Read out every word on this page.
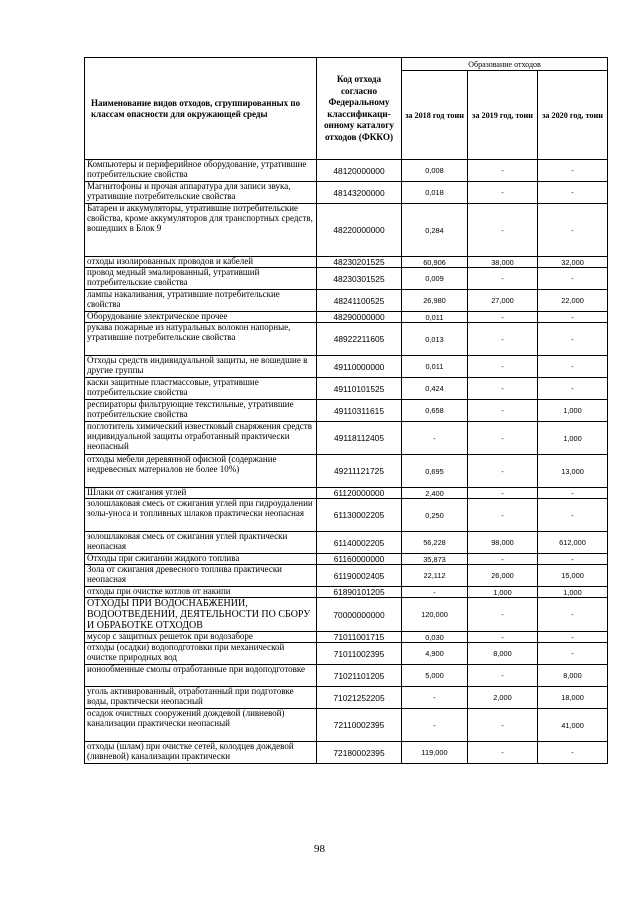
Наименование видов отходов, сгруппированных по классам опасности для окружающей среды	Код отхода согласно Федеральному классификаци-онному каталогу отходов (ФККО)	Образование отходов		
		за 2018 год тонн	за 2019 год, тонн	за 2020 год, тонн
Компьютеры и периферийное оборудование, утратившие потребительские свойства	48120000000	0,008	-	-
Магнитофоны и прочая аппаратура для записи звука, утратившие потребительские свойства	48143200000	0,018	-	-
Батареи и аккумуляторы, утратившие потребительские свойства, кроме аккумуляторов для транспортных средств, вошедших в Блок 9	48220000000	0,284	-	-
отходы изолированных проводов и кабелей	48230201525	60,906	38,000	32,000
провод медный эмалированный, утративший потребительские свойства	48230301525	0,009	-	-
лампы накаливания, утратившие потребительские свойства	48241100525	26,980	27,000	22,000
Оборудование электрическое прочее	48290000000	0,011	-	-
рукава пожарные из натуральных волокон напорные, утратившие потребительские свойства	48922211605	0,013	-	-
Отходы средств индивидуальной защиты, не вошедшие в другие группы	49110000000	0,011	-	-
каски защитные пластмассовые, утратившие потребительские свойства	49110101525	0,424	-	-
респираторы фильтрующие текстильные, утратившие потребительские свойства	49110311615	0,658	-	1,000
поглотитель химический известковый снаряжения средств индивидуальной защиты отработанный практически неопасный	49118112405	-	-	1,000
отходы мебели деревянной офисной (содержание недревесных материалов не более 10%)	49211121725	0,695	-	13,000
Шлаки от сжигания углей	61120000000	2,400	-	-
золошлаковая смесь от сжигания углей при гидроудалении золы-уноса и топливных шлаков практически неопасная	61130002205	0,250	-	-
золошлаковая смесь от сжигания углей практически неопасная	61140002205	56,228	98,000	612,000
Отходы при сжигании жидкого топлива	61160000000	35,873	-	-
Зола от сжигания древесного топлива практически неопасная	61190002405	22,112	26,000	15,000
отходы при очистке котлов от накипи	61890101205	-	1,000	1,000
ОТХОДЫ ПРИ ВОДОСНАБЖЕНИИ, ВОДООТВЕДЕНИИ, ДЕЯТЕЛЬНОСТИ ПО СБОРУ И ОБРАБОТКЕ ОТХОДОВ	70000000000	120,000	-	-
мусор с защитных решеток при водозаборе	71011001715	0,030	-	-
отходы (осадки) водоподготовки при механической очистке природных вод	71011002395	4,900	8,000	-
ионообменные смолы отработанные при водоподготовке	71021101205	5,000	-	8,000
уголь активированный, отработанный при подготовке воды, практически неопасный	71021252205	-	2,000	18,000
осадок очистных сооружений дождевой (ливневой) канализации практически неопасный	72110002395	-	-	41,000
отходы (шлам) при очистке сетей, колодцев дождевой (ливневой) канализации практически	72180002395	119,000	-	-
98
